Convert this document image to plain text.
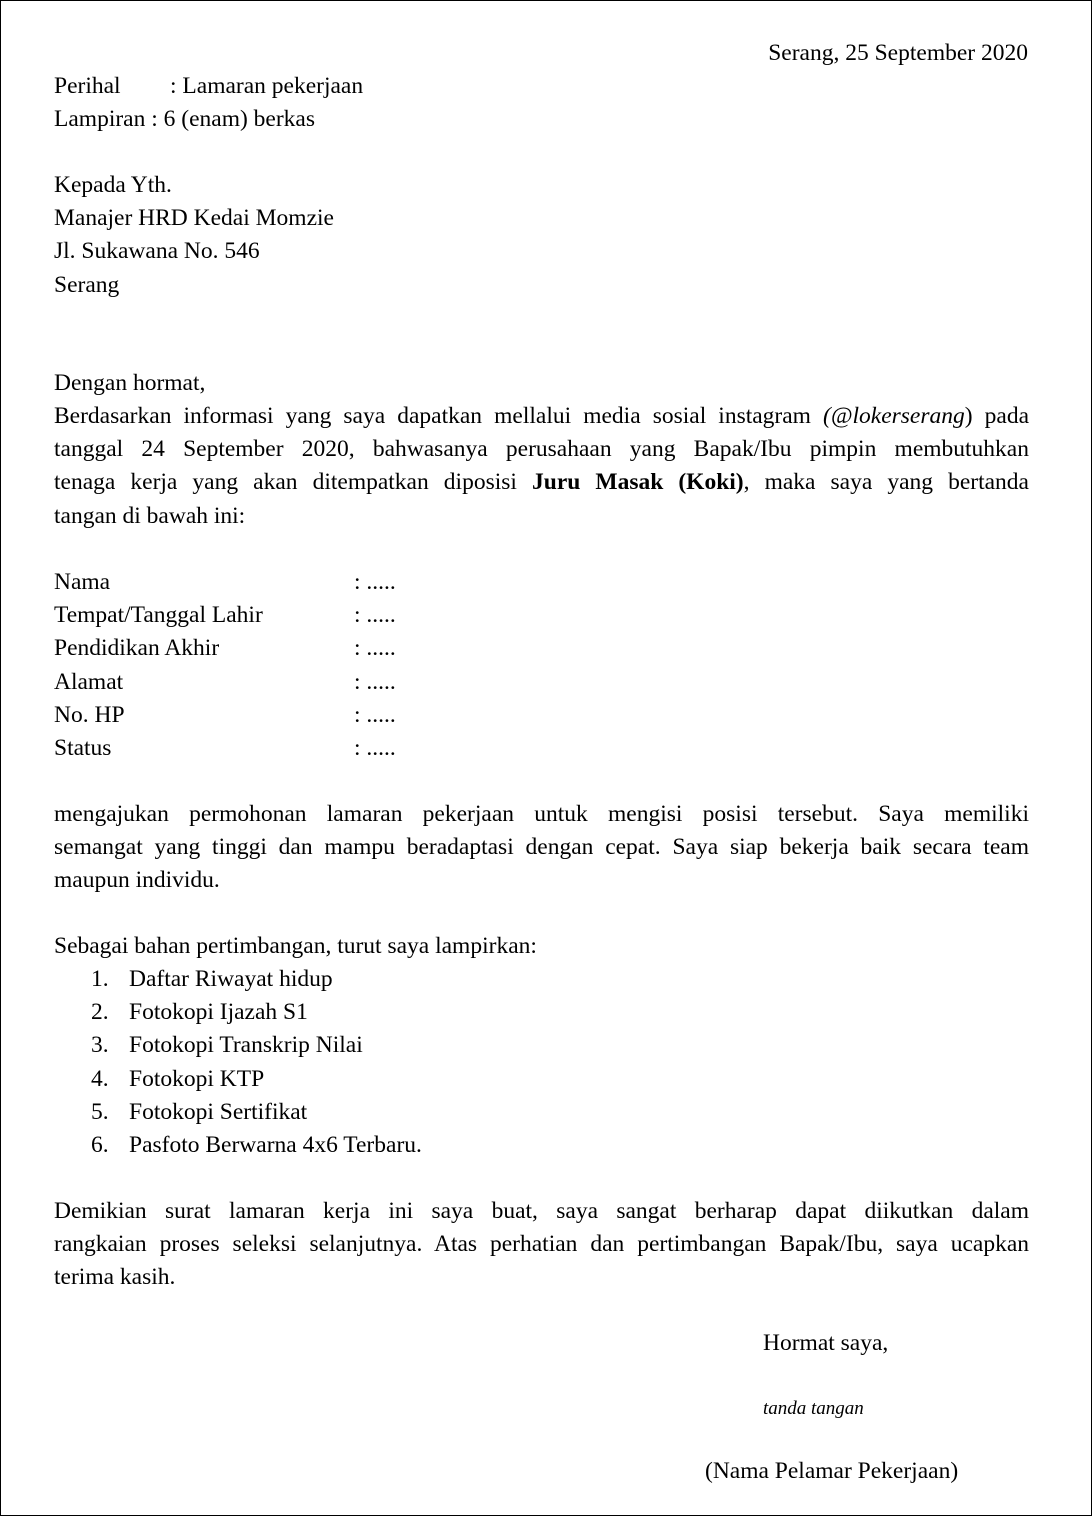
Serang, 25 September 2020
Perihal : Lamaran pekerjaan
Lampiran : 6 (enam) berkas
Kepada Yth.
Manajer HRD Kedai Momzie
Jl. Sukawana No. 546
Serang
Dengan hormat,
Berdasarkan informasi yang saya dapatkan mellalui media sosial instagram (@lokerserang) pada
tanggal 24 September 2020, bahwasanya perusahaan yang Bapak/Ibu pimpin membutuhkan
tenaga kerja yang akan ditempatkan diposisi Juru Masak (Koki), maka saya yang bertanda
tangan di bawah ini:
Nama	: .....
Tempat/Tanggal Lahir	: .....
Pendidikan Akhir	: .....
Alamat	: .....
No. HP	: .....
Status	: .....
mengajukan permohonan lamaran pekerjaan untuk mengisi posisi tersebut. Saya memiliki
semangat yang tinggi dan mampu beradaptasi dengan cepat. Saya siap bekerja baik secara team
maupun individu.
Sebagai bahan pertimbangan, turut saya lampirkan:
1. Daftar Riwayat hidup
2. Fotokopi Ijazah S1
3. Fotokopi Transkrip Nilai
4. Fotokopi KTP
5. Fotokopi Sertifikat
6. Pasfoto Berwarna 4x6 Terbaru.
Demikian surat lamaran kerja ini saya buat, saya sangat berharap dapat diikutkan dalam
rangkaian proses seleksi selanjutnya. Atas perhatian dan pertimbangan Bapak/Ibu, saya ucapkan
terima kasih.
Hormat saya,
tanda tangan
(Nama Pelamar Pekerjaan)
